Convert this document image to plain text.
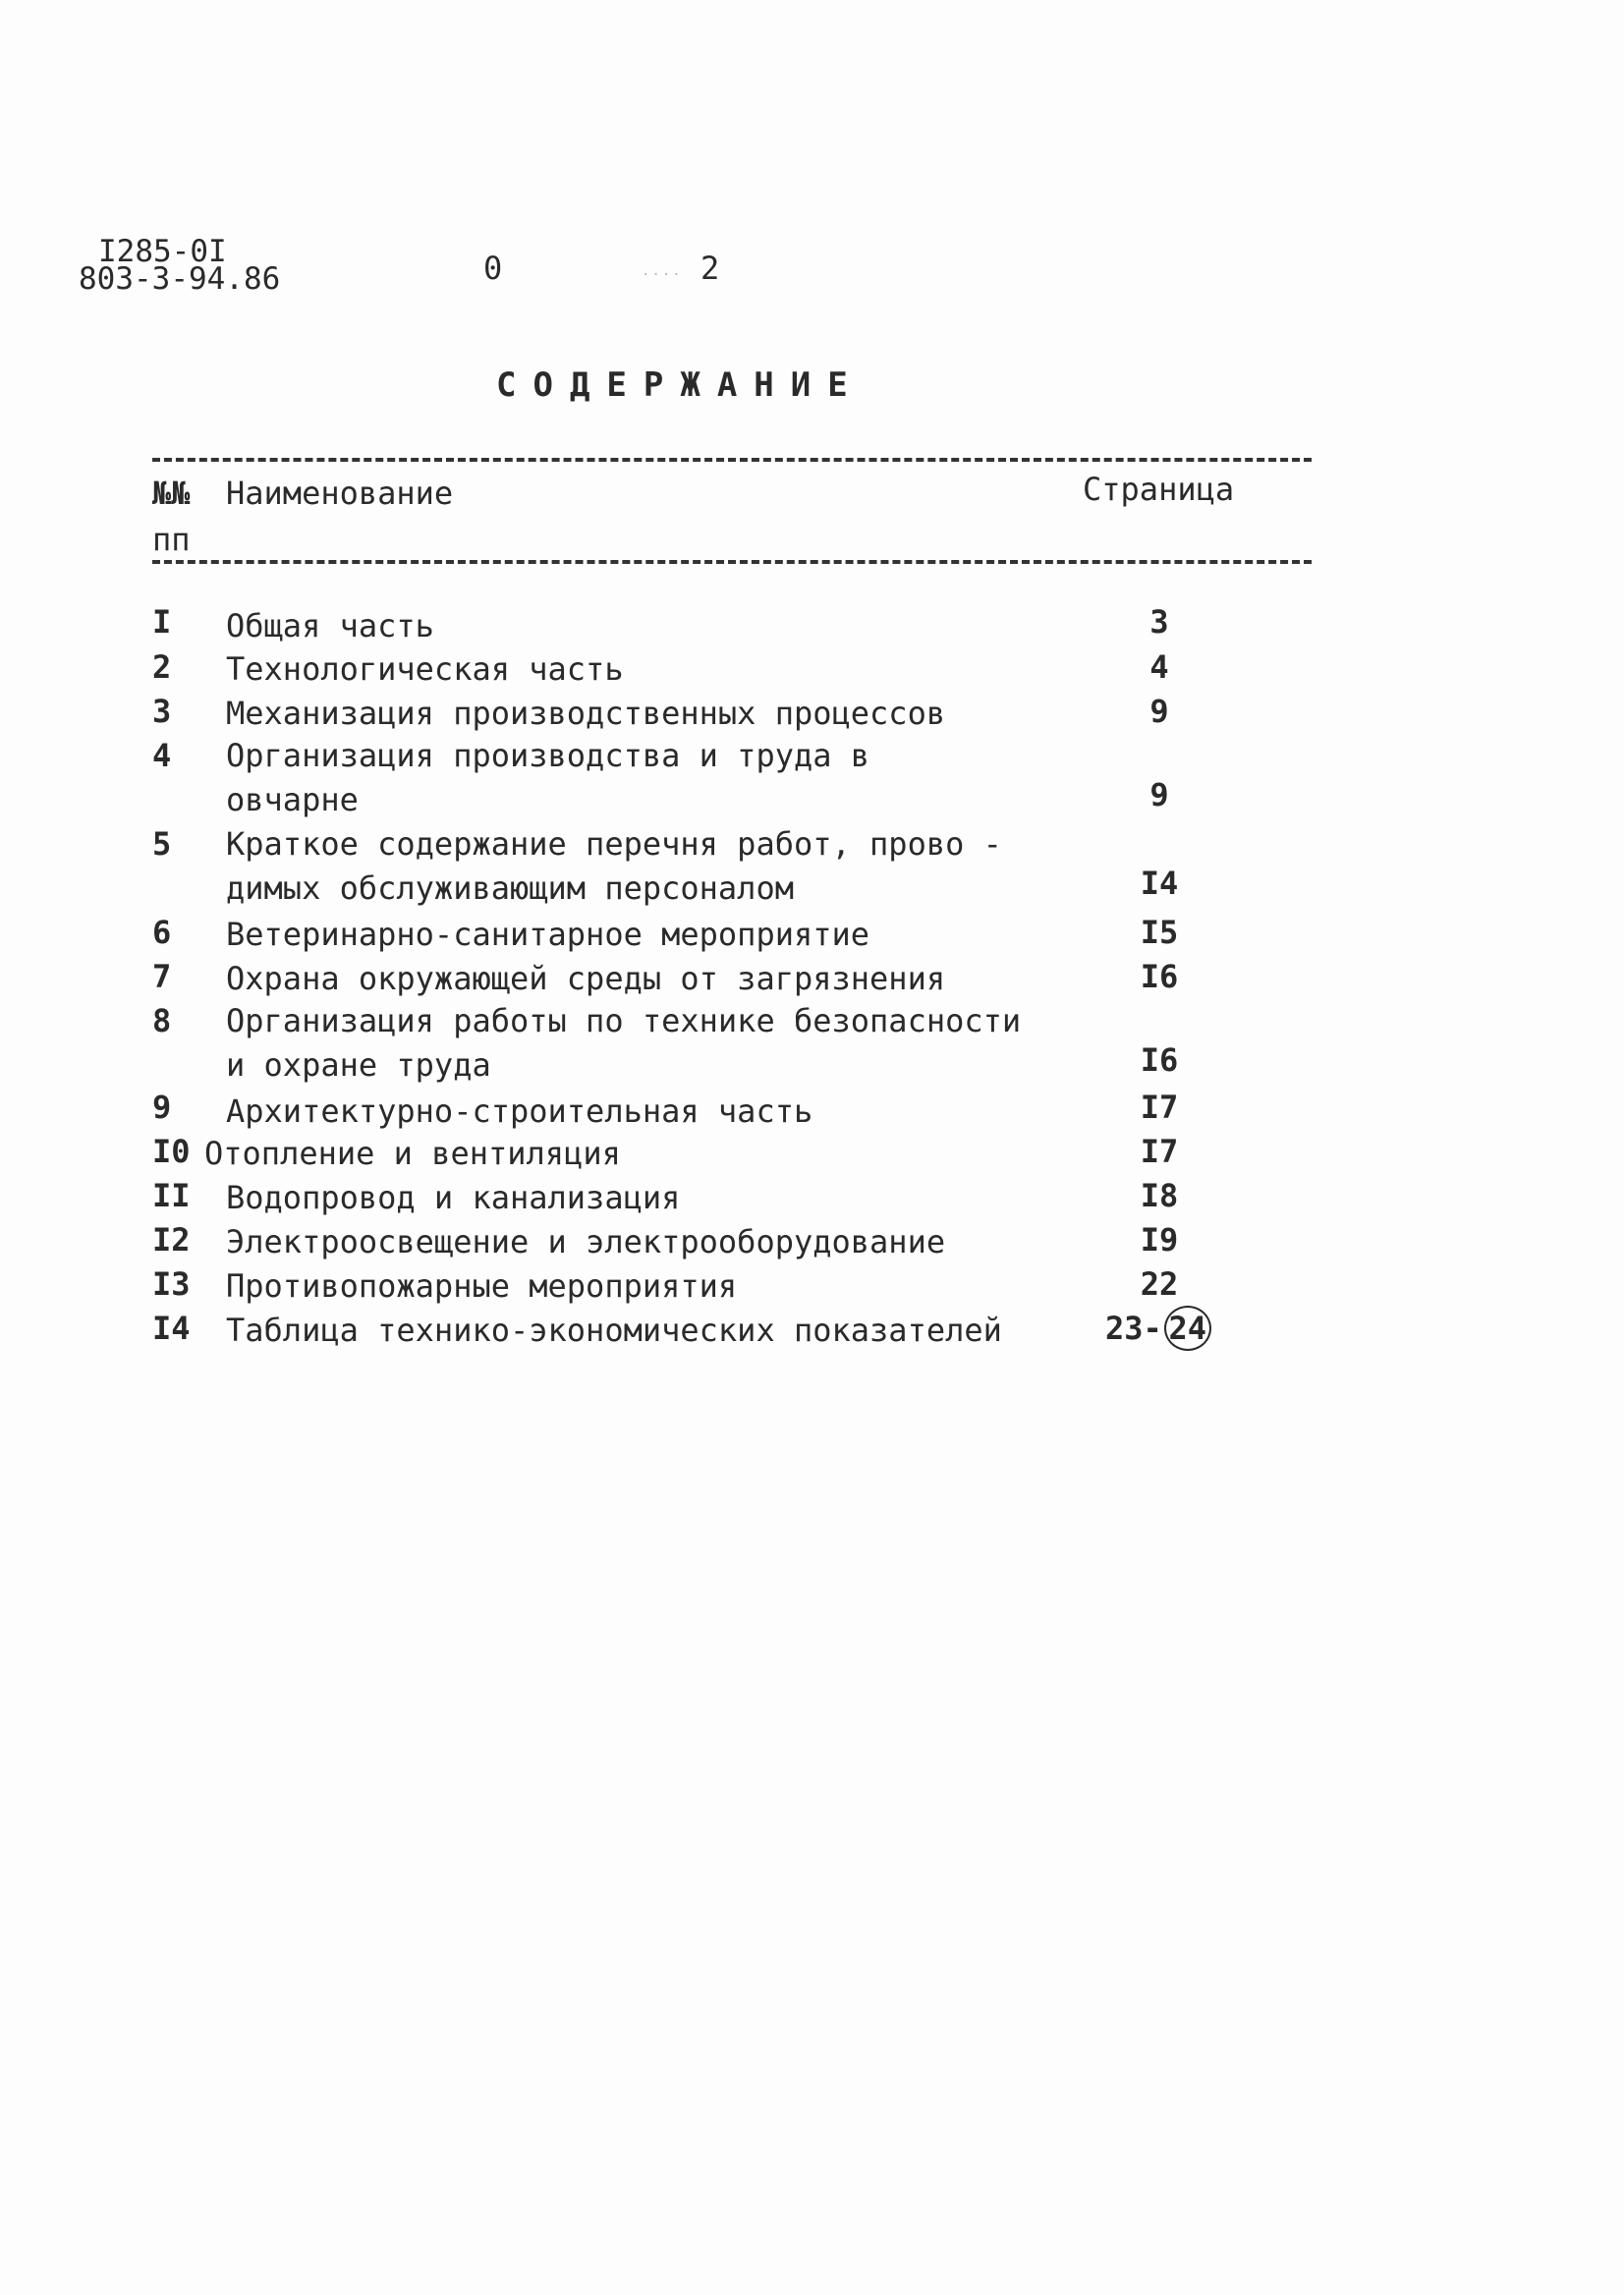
I285-0I
803-3-94.86	0	.... 2
СОДЕРЖАНИЕ
№№
пп
Наименование	Страница
I Общая часть	3
2 Технологическая часть	4
3 Механизация производственных процессов	9
4 Организация производства и труда в
овчарне	9
5 Краткое содержание перечня работ, прово -
димых обслуживающим персоналом	I4
6 Ветеринарно-санитарное мероприятие	I5
7 Охрана окружающей среды от загрязнения	I6
8 Организация работы по технике безопасности
и охране труда	I6
9 Архитектурно-строительная часть	I7
I0 Отопление и вентиляция	I7
II Водопровод и канализация	I8
I2 Электроосвещение и электрооборудование	I9
I3 Противопожарные мероприятия	22
I4 Таблица технико-экономических показателей	23- 24
